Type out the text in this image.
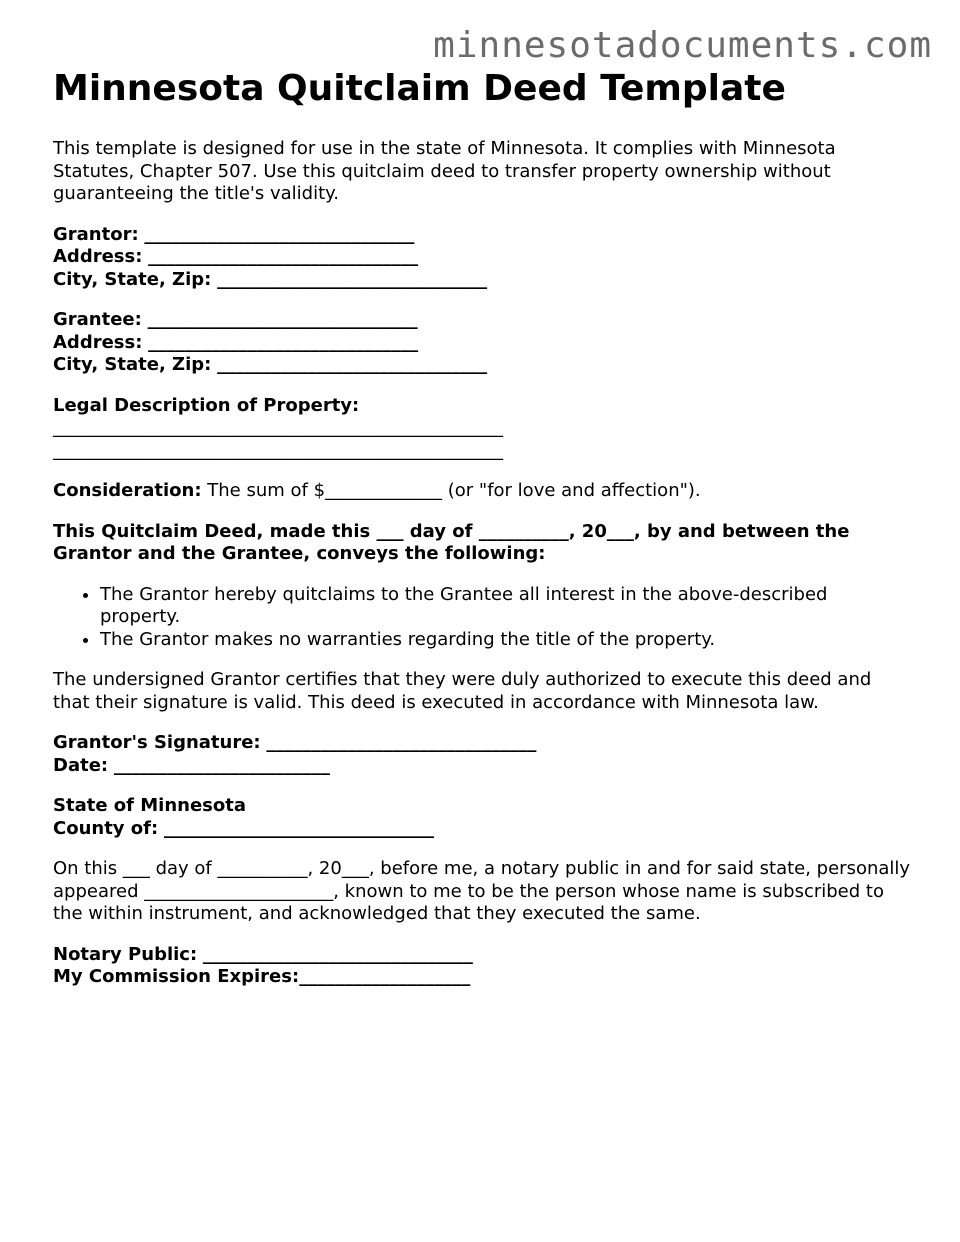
minnesotadocuments.com
Minnesota Quitclaim Deed Template

This template is designed for use in the state of Minnesota. It complies with Minnesota Statutes, Chapter 507. Use this quitclaim deed to transfer property ownership without guaranteeing the title's validity.

Grantor: ______________________________
Address: ______________________________
City, State, Zip: ______________________________
Grantee: ______________________________
Address: ______________________________
City, State, Zip: ______________________________
Legal Description of Property:
__________________________________________________
__________________________________________________

Consideration: The sum of $_____________ (or "for love and affection").

This Quitclaim Deed, made this ___ day of __________, 20___, by and between the Grantor and the Grantee, conveys the following:

• The Grantor hereby quitclaims to the Grantee all interest in the above-described property.
• The Grantor makes no warranties regarding the title of the property.

The undersigned Grantor certifies that they were duly authorized to execute this deed and that their signature is valid. This deed is executed in accordance with Minnesota law.

Grantor's Signature: ______________________________
Date: ________________________
State of Minnesota
County of: ______________________________

On this ___ day of __________, 20___, before me, a notary public in and for said state, personally appeared _____________________, known to me to be the person whose name is subscribed to the within instrument, and acknowledged that they executed the same.

Notary Public: ______________________________
My Commission Expires:___________________
